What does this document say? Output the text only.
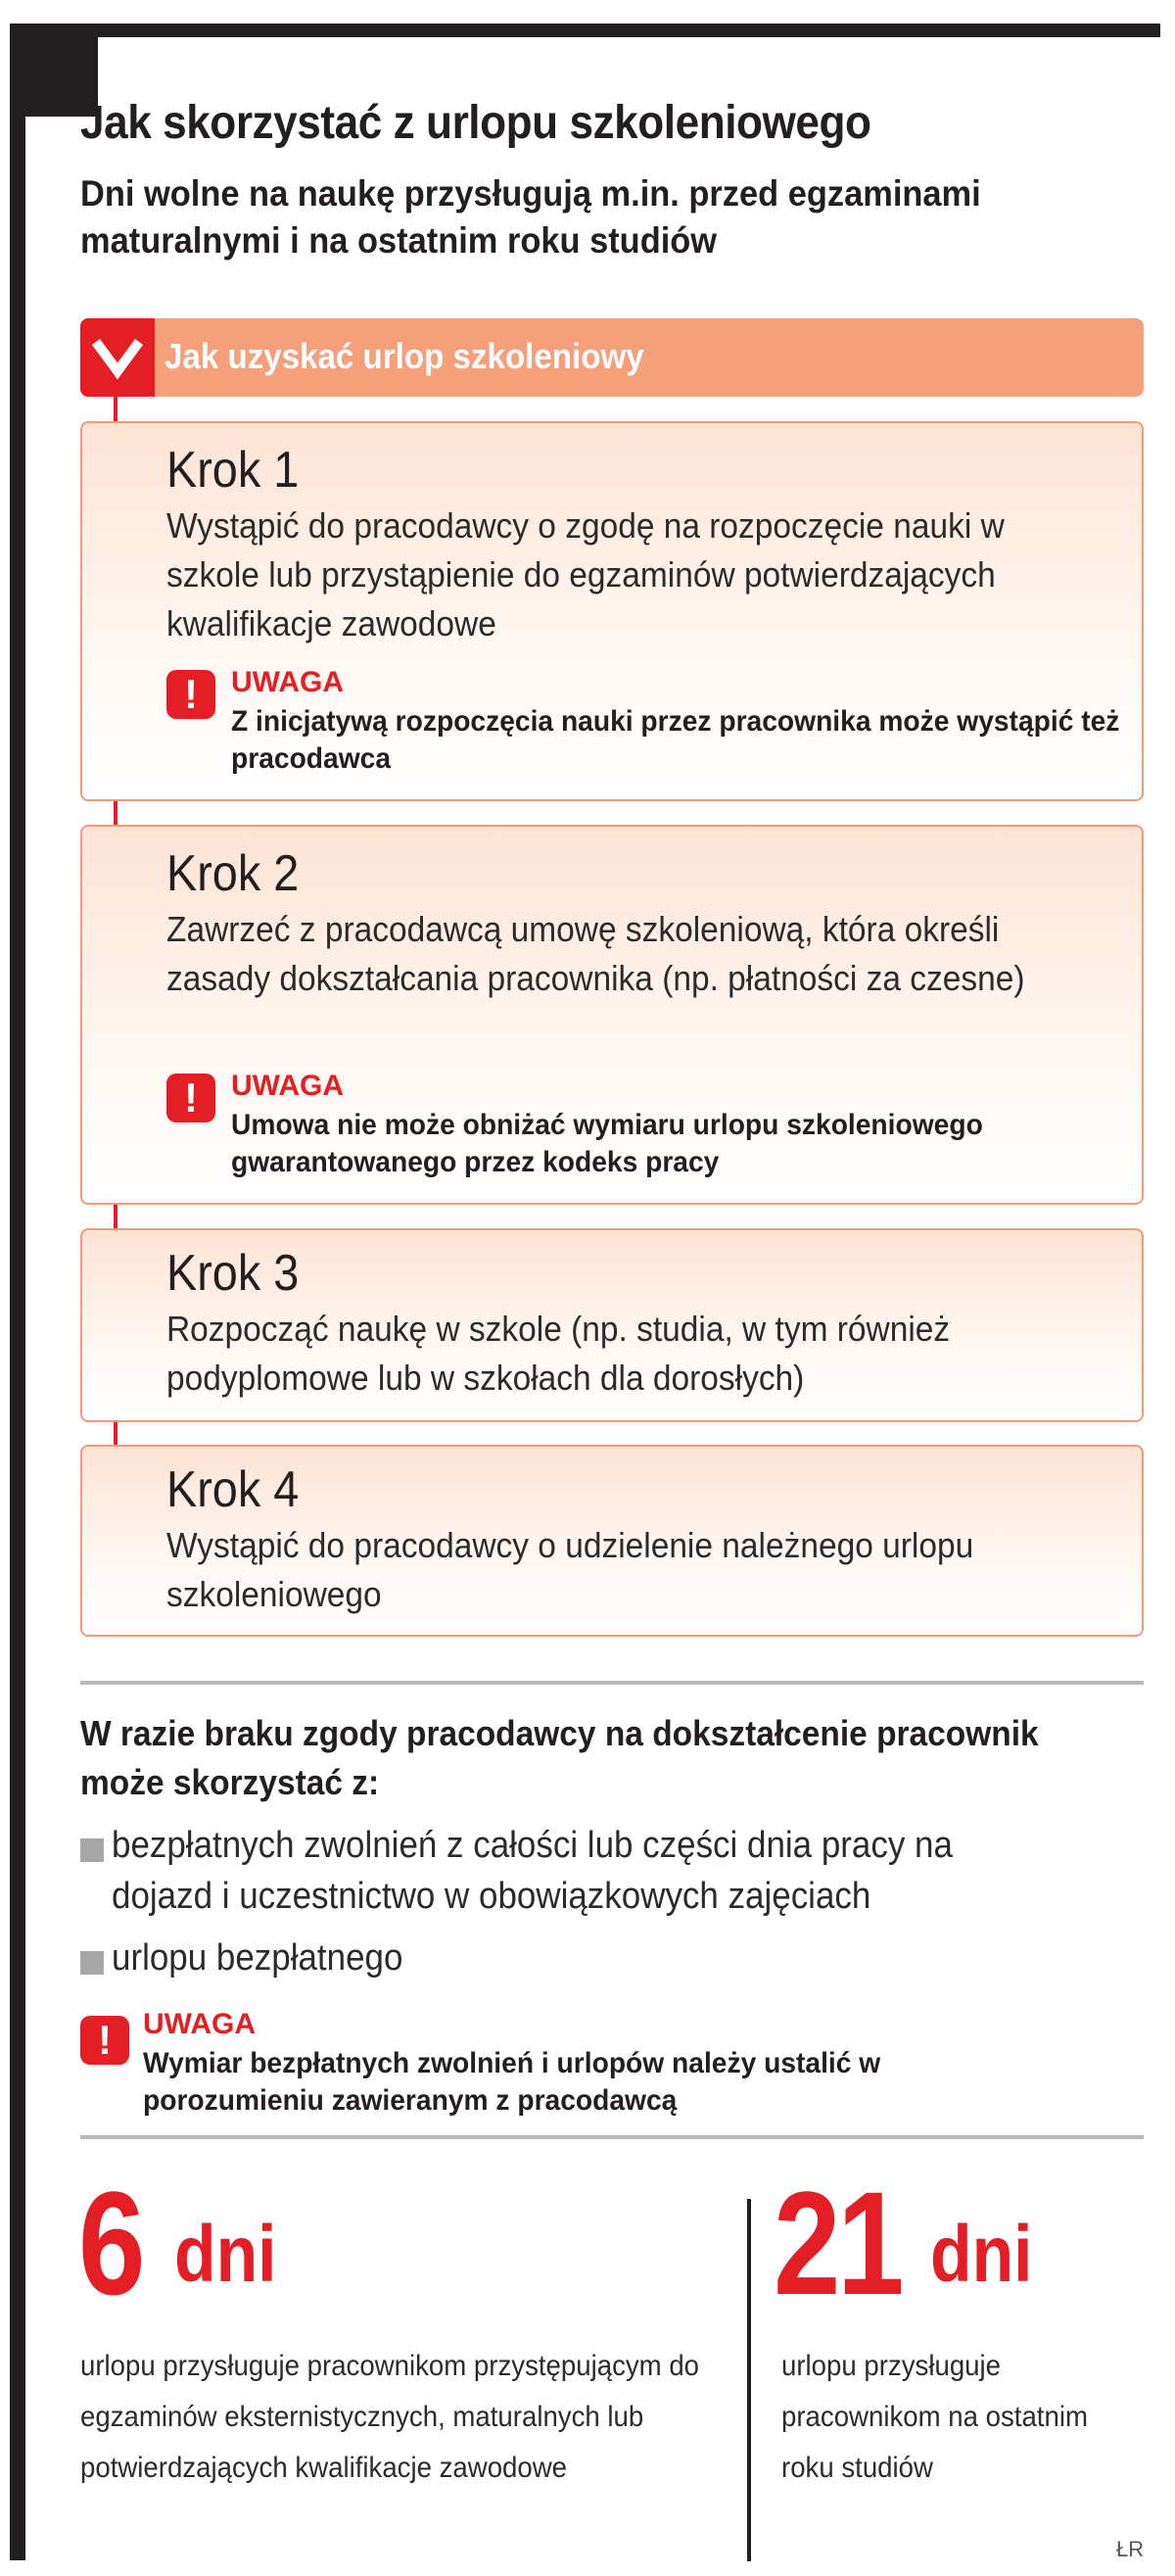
Jak skorzystać z urlopu szkoleniowego

Dni wolne na naukę przysługują m.in. przed egzaminami maturalnymi i na ostatnim roku studiów

Jak uzyskać urlop szkoleniowy
Krok 1
Wystąpić do pracodawcy o zgodę na rozpoczęcie nauki w szkole lub przystąpienie do egzaminów potwierdzających kwalifikacje zawodowe
!	UWAGA
Z inicjatywą rozpoczęcia nauki przez pracownika może wystąpić też pracodawca
Krok 2
Zawrzeć z pracodawcą umowę szkoleniową, która określi zasady dokształcania pracownika (np. płatności za czesne)
!	UWAGA
Umowa nie może obniżać wymiaru urlopu szkoleniowego gwarantowanego przez kodeks pracy
Krok 3
Rozpocząć naukę w szkole (np. studia, w tym również podyplomowe lub w szkołach dla dorosłych)
Krok 4
Wystąpić do pracodawcy o udzielenie należnego urlopu szkoleniowego
W razie braku zgody pracodawcy na dokształcenie pracownik może skorzystać z:
bezpłatnych zwolnień z całości lub części dnia pracy na dojazd i uczestnictwo w obowiązkowych zajęciach
urlopu bezpłatnego
!	UWAGA
Wymiar bezpłatnych zwolnień i urlopów należy ustalić w porozumieniu zawieranym z pracodawcą
6 dni
urlopu przysługuje pracownikom przystępującym do egzaminów eksternistycznych, maturalnych lub potwierdzających kwalifikacje zawodowe
21 dni
urlopu przysługuje pracownikom na ostatnim roku studiów
ŁR
